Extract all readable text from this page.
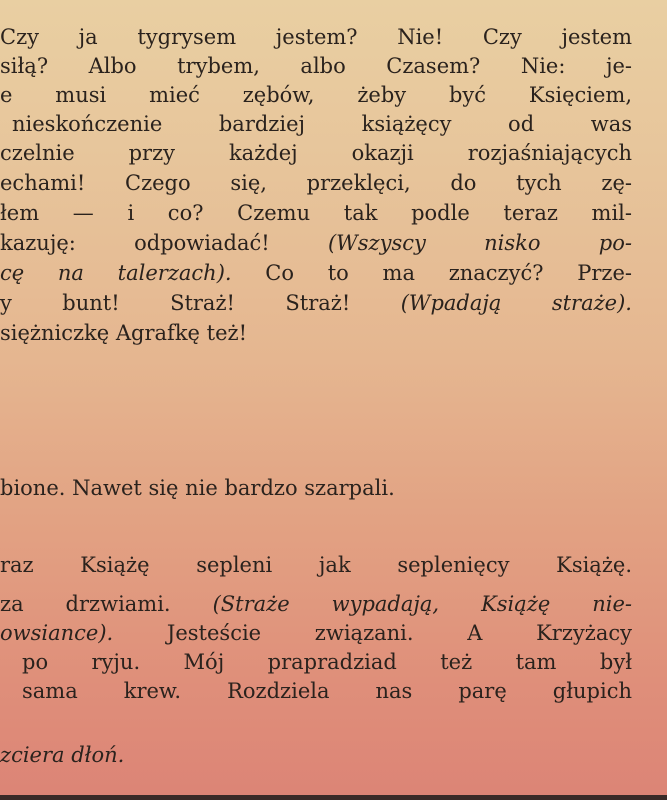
Czy ja tygrysem jestem? Nie! Czy jestem

siłą? Albo trybem, albo Czasem? Nie: je-

e musi mieć zębów, żeby być Księciem,

nieskończenie bardziej książęcy od was

czelnie przy każdej okazji rozjaśniających

echami! Czego się, przeklęci, do tych zę-

łem — i co? Czemu tak podle teraz mil-

kazuję: odpowiadać!	(Wszyscy nisko po-

cę na talerzach). Co to ma znaczyć? Prze-

y bunt! Straż! Straż! (Wpadają straże).

siężniczkę Agrafkę też!

bione. Nawet się nie bardzo szarpali.

raz Książę sepleni jak seplenięcy Książę.

za drzwiami. (Straże wypadają, Książę nie-

owsiance).	Jesteście związani. A Krzyżacy

po ryju. Mój prapradziad też tam był

sama krew. Rozdziela nas parę głupich

zciera dłoń.
